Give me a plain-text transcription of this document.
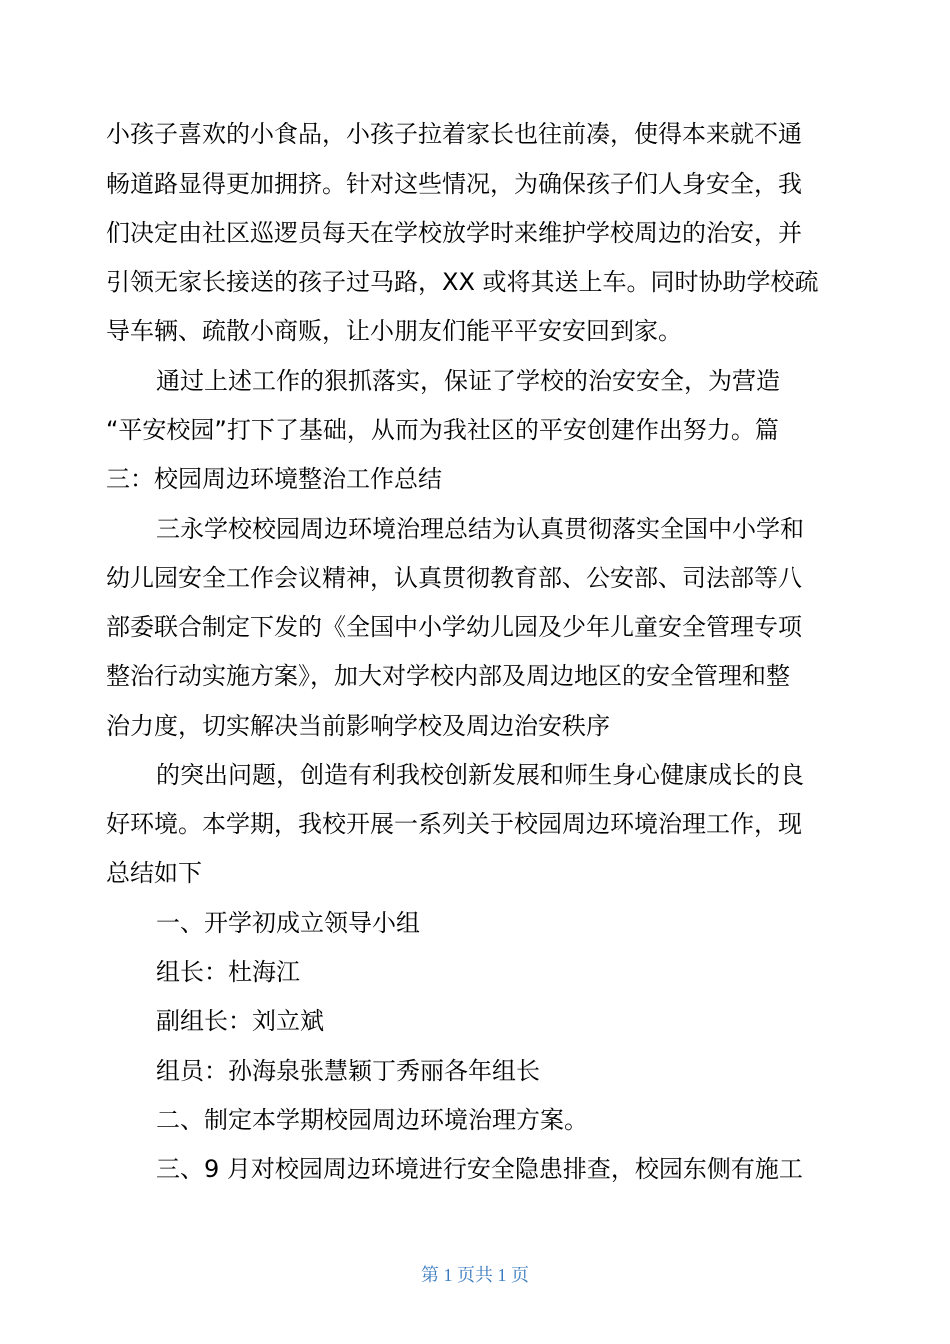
小孩子喜欢的小食品，小孩子拉着家长也往前凑，使得本来就不通
畅道路显得更加拥挤。针对这些情况，为确保孩子们人身安全，我
们决定由社区巡逻员每天在学校放学时来维护学校周边的治安，并
引领无家长接送的孩子过马路，XX 或将其送上车。同时协助学校疏
导车辆、疏散小商贩，让小朋友们能平平安安回到家。
通过上述工作的狠抓落实，保证了学校的治安安全，为营造
“平安校园”打下了基础，从而为我社区的平安创建作出努力。篇
三：校园周边环境整治工作总结
三永学校校园周边环境治理总结为认真贯彻落实全国中小学和
幼儿园安全工作会议精神，认真贯彻教育部、公安部、司法部等八
部委联合制定下发的《全国中小学幼儿园及少年儿童安全管理专项
整治行动实施方案》，加大对学校内部及周边地区的安全管理和整
治力度，切实解决当前影响学校及周边治安秩序
的突出问题，创造有利我校创新发展和师生身心健康成长的良
好环境。本学期，我校开展一系列关于校园周边环境治理工作，现
总结如下
一、开学初成立领导小组
组长：杜海江
副组长：刘立斌
组员：孙海泉张慧颖丁秀丽各年组长
二、制定本学期校园周边环境治理方案。
三、9 月对校园周边环境进行安全隐患排查，校园东侧有施工
第 1 页共 1 页
